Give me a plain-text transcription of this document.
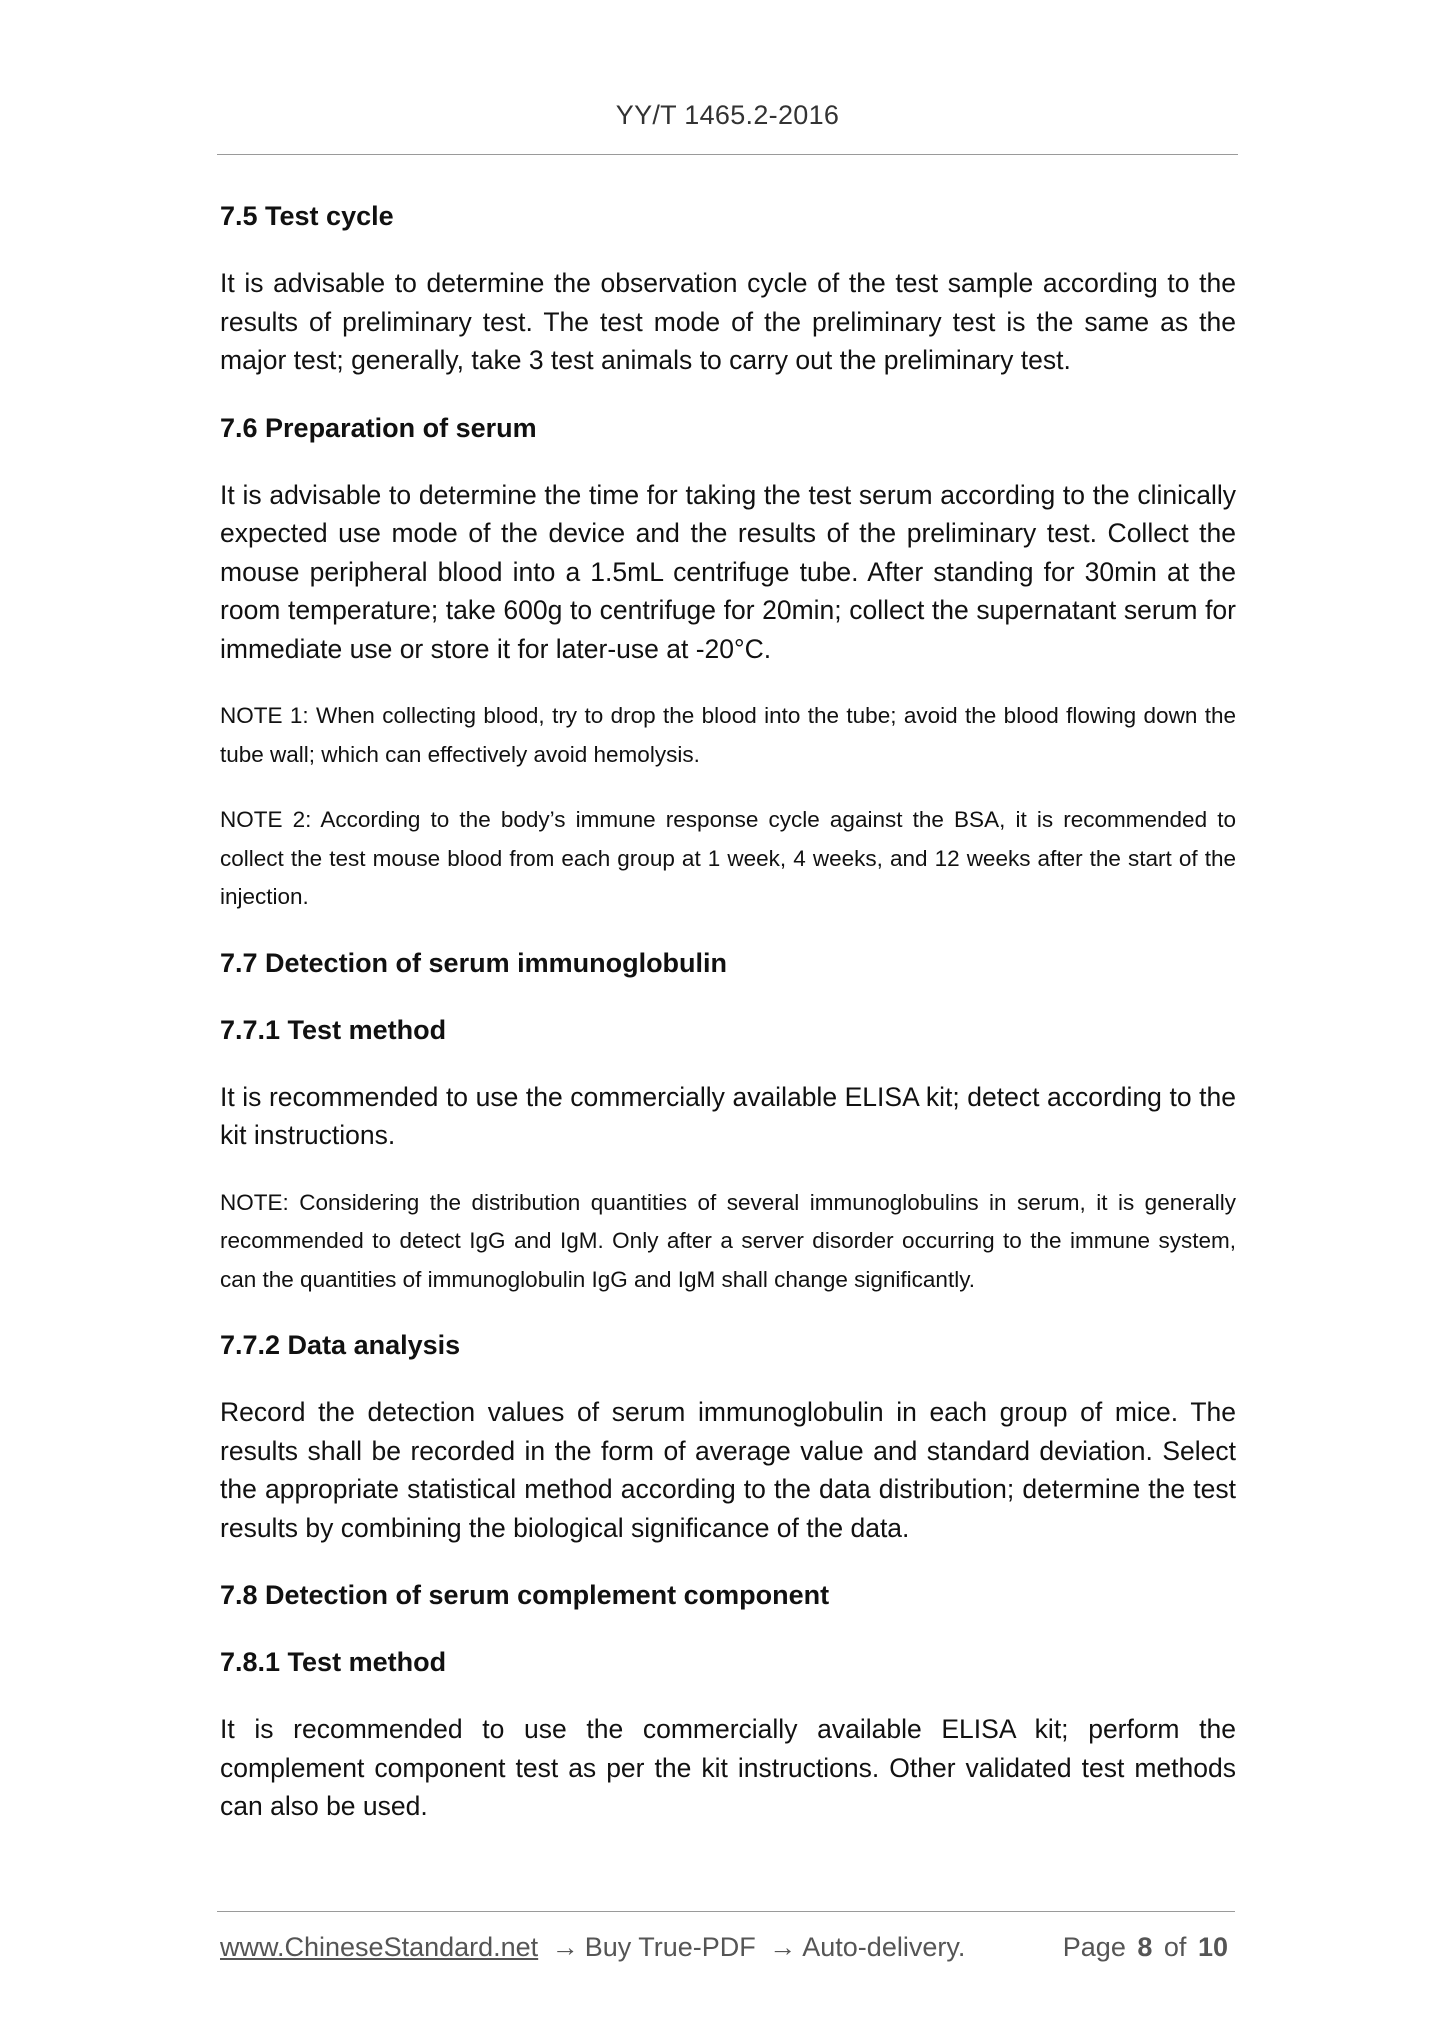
YY/T 1465.2-2016
7.5 Test cycle
It is advisable to determine the observation cycle of the test sample according to the results of preliminary test. The test mode of the preliminary test is the same as the major test; generally, take 3 test animals to carry out the preliminary test.
7.6 Preparation of serum
It is advisable to determine the time for taking the test serum according to the clinically expected use mode of the device and the results of the preliminary test. Collect the mouse peripheral blood into a 1.5mL centrifuge tube. After standing for 30min at the room temperature; take 600g to centrifuge for 20min; collect the supernatant serum for immediate use or store it for later-use at -20°C.
NOTE 1: When collecting blood, try to drop the blood into the tube; avoid the blood flowing down the tube wall; which can effectively avoid hemolysis.
NOTE 2: According to the body’s immune response cycle against the BSA, it is recommended to collect the test mouse blood from each group at 1 week, 4 weeks, and 12 weeks after the start of the injection.
7.7 Detection of serum immunoglobulin
7.7.1 Test method
It is recommended to use the commercially available ELISA kit; detect according to the kit instructions.
NOTE: Considering the distribution quantities of several immunoglobulins in serum, it is generally recommended to detect IgG and IgM. Only after a server disorder occurring to the immune system, can the quantities of immunoglobulin IgG and IgM shall change significantly.
7.7.2 Data analysis
Record the detection values of serum immunoglobulin in each group of mice. The results shall be recorded in the form of average value and standard deviation. Select the appropriate statistical method according to the data distribution; determine the test results by combining the biological significance of the data.
7.8 Detection of serum complement component
7.8.1 Test method
It is recommended to use the commercially available ELISA kit; perform the complement component test as per the kit instructions. Other validated test methods can also be used.
www.ChineseStandard.net → Buy True-PDF → Auto-delivery.	Page 8 of 10
